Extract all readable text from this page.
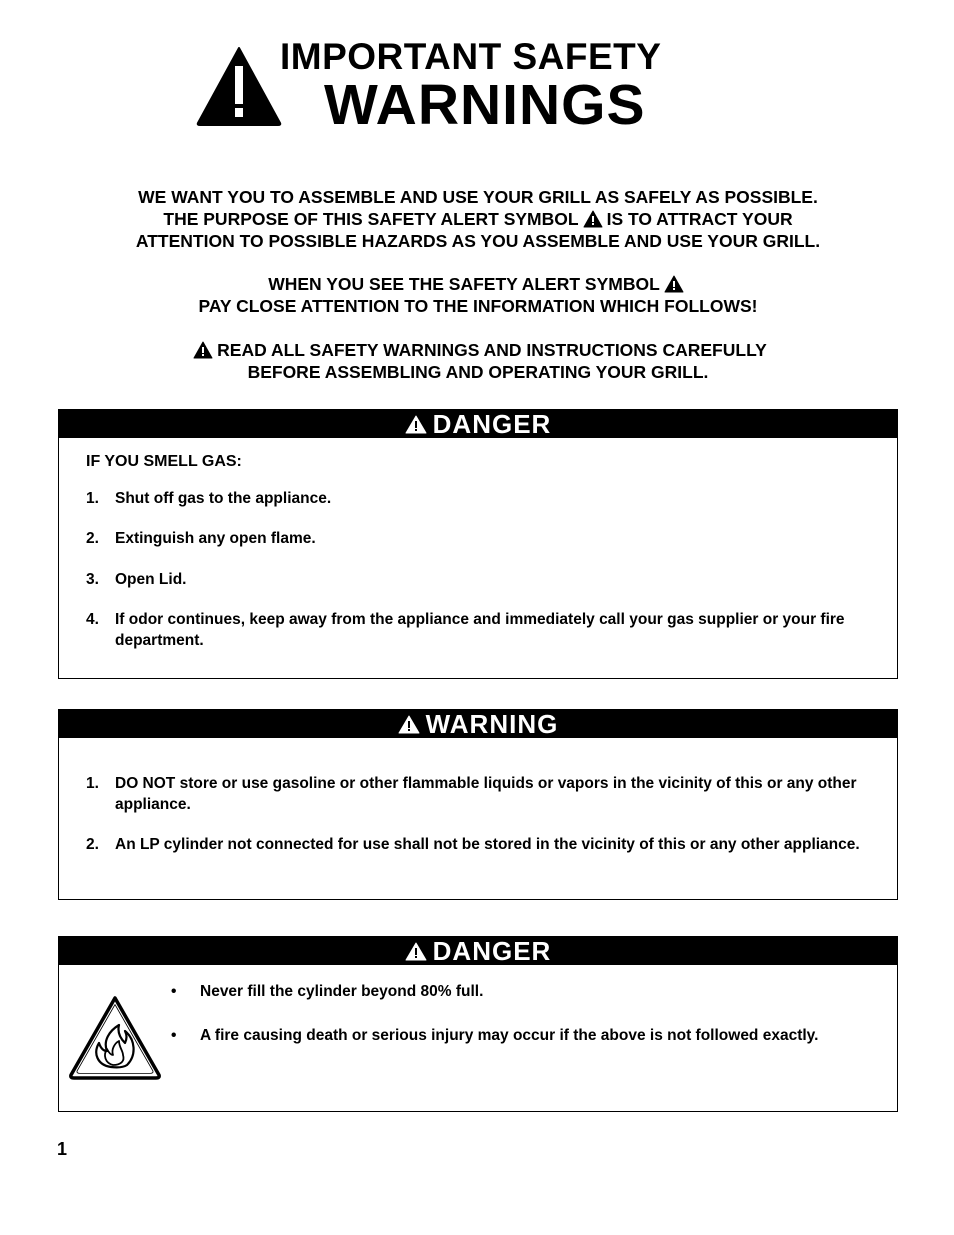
IMPORTANT SAFETY
WARNINGS

WE WANT YOU TO ASSEMBLE AND USE YOUR GRILL AS SAFELY AS POSSIBLE.

THE PURPOSE OF THIS SAFETY ALERT SYMBOL IS TO ATTRACT YOUR

ATTENTION TO POSSIBLE HAZARDS AS YOU ASSEMBLE AND USE YOUR GRILL.

WHEN YOU SEE THE SAFETY ALERT SYMBOL

PAY CLOSE ATTENTION TO THE INFORMATION WHICH FOLLOWS!

READ ALL SAFETY WARNINGS AND INSTRUCTIONS CAREFULLY

BEFORE ASSEMBLING AND OPERATING YOUR GRILL.

DANGER
IF YOU SMELL GAS:
1. Shut off gas to the appliance.
2. Extinguish any open flame.
3. Open Lid.
4. If odor continues, keep away from the appliance and immediately call your gas supplier or your fire department.
WARNING
1. DO NOT store or use gasoline or other flammable liquids or vapors in the vicinity of this or any other appliance.
2. An LP cylinder not connected for use shall not be stored in the vicinity of this or any other appliance.
DANGER
• Never fill the cylinder beyond 80% full.
• A fire causing death or serious injury may occur if the above is not followed exactly.
1
